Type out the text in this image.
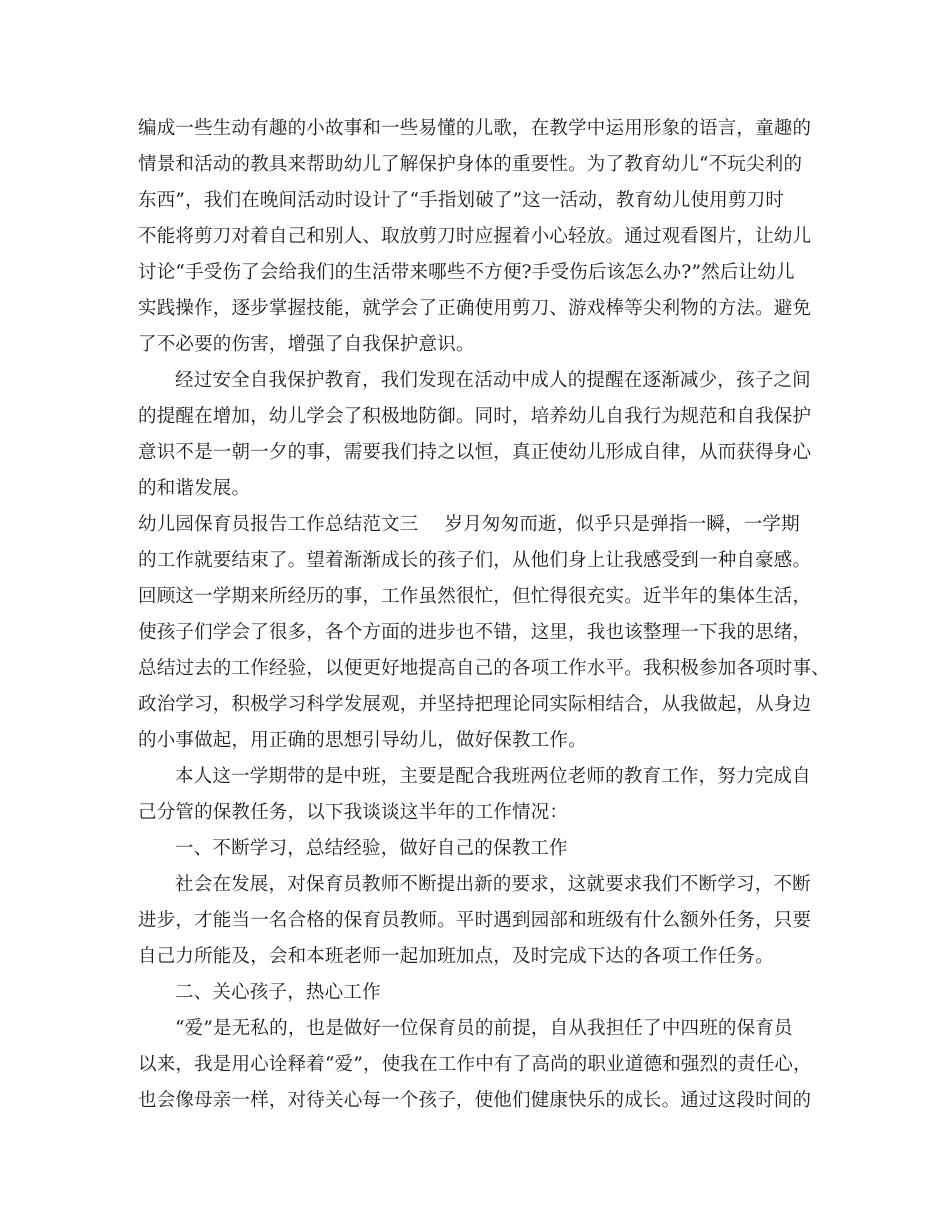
编成一些生动有趣的小故事和一些易懂的儿歌，在教学中运用形象的语言，童趣的
情景和活动的教具来帮助幼儿了解保护身体的重要性。为了教育幼儿“不玩尖利的
东西”，我们在晚间活动时设计了“手指划破了”这一活动，教育幼儿使用剪刀时
不能将剪刀对着自己和别人、取放剪刀时应握着小心轻放。通过观看图片，让幼儿
讨论“手受伤了会给我们的生活带来哪些不方便?手受伤后该怎么办?”然后让幼儿
实践操作，逐步掌握技能，就学会了正确使用剪刀、游戏棒等尖利物的方法。避免
了不必要的伤害，增强了自我保护意识。
经过安全自我保护教育，我们发现在活动中成人的提醒在逐渐减少，孩子之间
的提醒在增加，幼儿学会了积极地防御。同时，培养幼儿自我行为规范和自我保护
意识不是一朝一夕的事，需要我们持之以恒，真正使幼儿形成自律，从而获得身心
的和谐发展。
幼儿园保育员报告工作总结范文三 岁月匆匆而逝，似乎只是弹指一瞬，一学期
的工作就要结束了。望着渐渐成长的孩子们，从他们身上让我感受到一种自豪感。
回顾这一学期来所经历的事，工作虽然很忙，但忙得很充实。近半年的集体生活，
使孩子们学会了很多，各个方面的进步也不错，这里，我也该整理一下我的思绪，
总结过去的工作经验，以便更好地提高自己的各项工作水平。我积极参加各项时事、
政治学习，积极学习科学发展观，并坚持把理论同实际相结合，从我做起，从身边
的小事做起，用正确的思想引导幼儿，做好保教工作。
本人这一学期带的是中班，主要是配合我班两位老师的教育工作，努力完成自
己分管的保教任务，以下我谈谈这半年的工作情况：
一、不断学习，总结经验，做好自己的保教工作
社会在发展，对保育员教师不断提出新的要求，这就要求我们不断学习，不断
进步，才能当一名合格的保育员教师。平时遇到园部和班级有什么额外任务，只要
自己力所能及，会和本班老师一起加班加点，及时完成下达的各项工作任务。
二、关心孩子，热心工作
“爱”是无私的，也是做好一位保育员的前提，自从我担任了中四班的保育员
以来，我是用心诠释着“爱”，使我在工作中有了高尚的职业道德和强烈的责任心，
也会像母亲一样，对待关心每一个孩子，使他们健康快乐的成长。通过这段时间的
